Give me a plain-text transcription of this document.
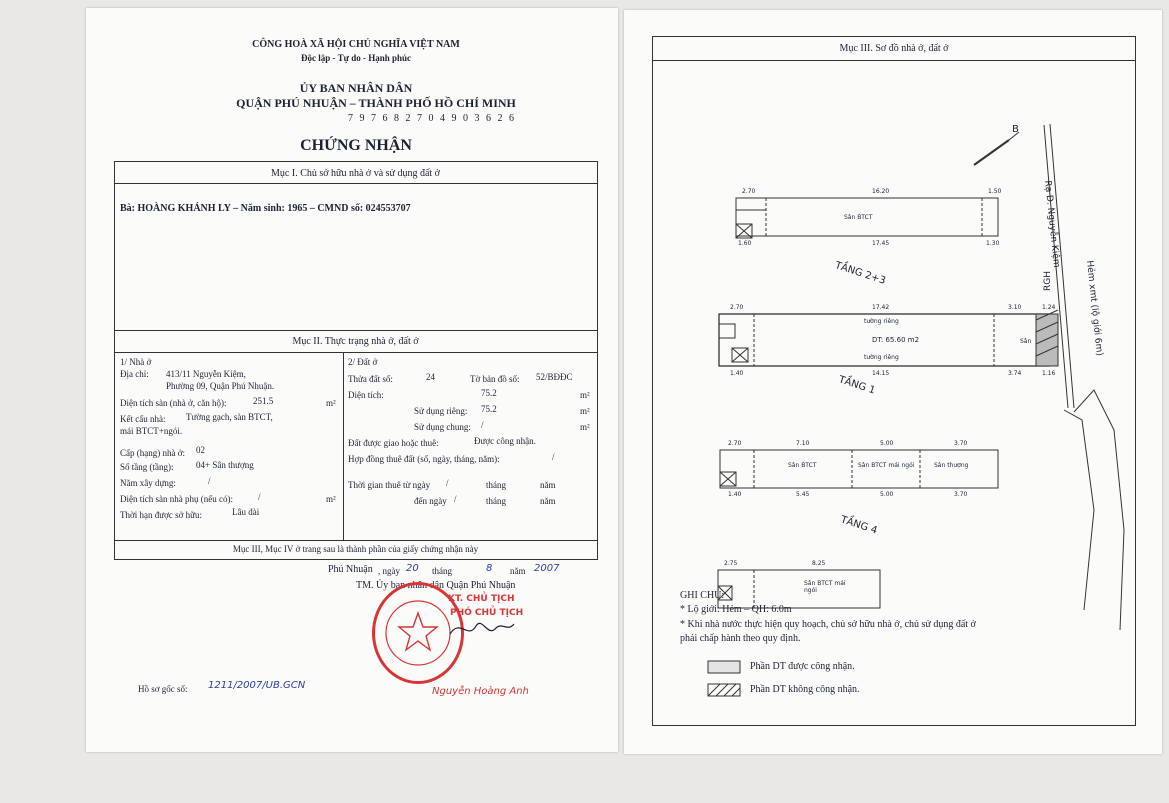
CÔNG HOÀ XÃ HỘI CHỦ NGHĨA VIỆT NAM
Độc lập - Tự do - Hạnh phúc
ỦY BAN NHÂN DÂN
QUẬN PHÚ NHUẬN – THÀNH PHỐ HỒ CHÍ MINH
7 9 7 6 8 2 7 0 4 9 0 3 6 2 6
CHỨNG NHẬN
Mục I. Chủ sở hữu nhà ở và sử dụng đất ở
Bà: HOÀNG KHÁNH LY – Năm sinh: 1965 – CMND số: 024553707
Mục II. Thực trạng nhà ở, đất ở
Mục III, Mục IV ở trang sau là thành phần của giấy chứng nhận này
1/ Nhà ở
Địa chỉ: 413/11 Nguyễn Kiệm,
Phường 09, Quận Phú Nhuận.
Diện tích sàn (nhà ở, căn hộ):	251.5	m²
Kết cấu nhà: Tường gạch, sàn BTCT,
mái BTCT+ngói.
Cấp (hạng) nhà ở: 02
Số tầng (tầng):	04+ Sân thượng
Năm xây dựng:	/
Diện tích sàn nhà phụ (nếu có):	/	m²
Thời hạn được sở hữu:	Lâu dài
2/ Đất ở
Thửa đất số:	24	Tờ bản đồ số: 52/BĐĐC
Diện tích:	75.2	m²
Sử dụng riêng: 75.2	m²
Sử dụng chung: /	m²
Đất được giao hoặc thuê:	Được công nhận.
Hợp đồng thuê đất (số, ngày, tháng, năm):	/
Thời gian thuê từ ngày /	tháng	năm
đến ngày /	tháng	năm
Phú Nhuận , ngày 20 tháng	8 năm 2007
TM. Ủy ban nhân dân Quận Phú Nhuận
KT. CHỦ TỊCH
PHÓ CHỦ TỊCH
Nguyễn Hoàng Anh
Hồ sơ gốc số: 1211/2007/UB.GCN
Mục III. Sơ đồ nhà ở, đất ở
Rạ Đ. Nguyễn Kiệm
Hẻm xmt (lộ giới 6m)
B
RGH
TẦNG 2+3
TẦNG 1
TẦNG 4
Sân BTCT
tường riêng
DT: 65.60 m2
tường riêng
Sân
Sân BTCT	Sân BTCT mái ngói	Sân thượng
Sân BTCT mái ngói
2.70	16.20	1.50
1.60	17.45	1.30
2.70	17.42	3.10	1.24
1.40	14.15	3.74	1.16
2.70	7.10	5.00	3.70
1.40	5.45	5.00	3.70
2.75	8.25
GHI CHÚ:
* Lộ giới: Hẻm – QH: 6.0m
* Khi nhà nước thực hiện quy hoạch, chủ sở hữu nhà ở, chủ sử dụng đất ở
phải chấp hành theo quy định.
Phần DT được công nhận.
Phần DT không công nhận.
